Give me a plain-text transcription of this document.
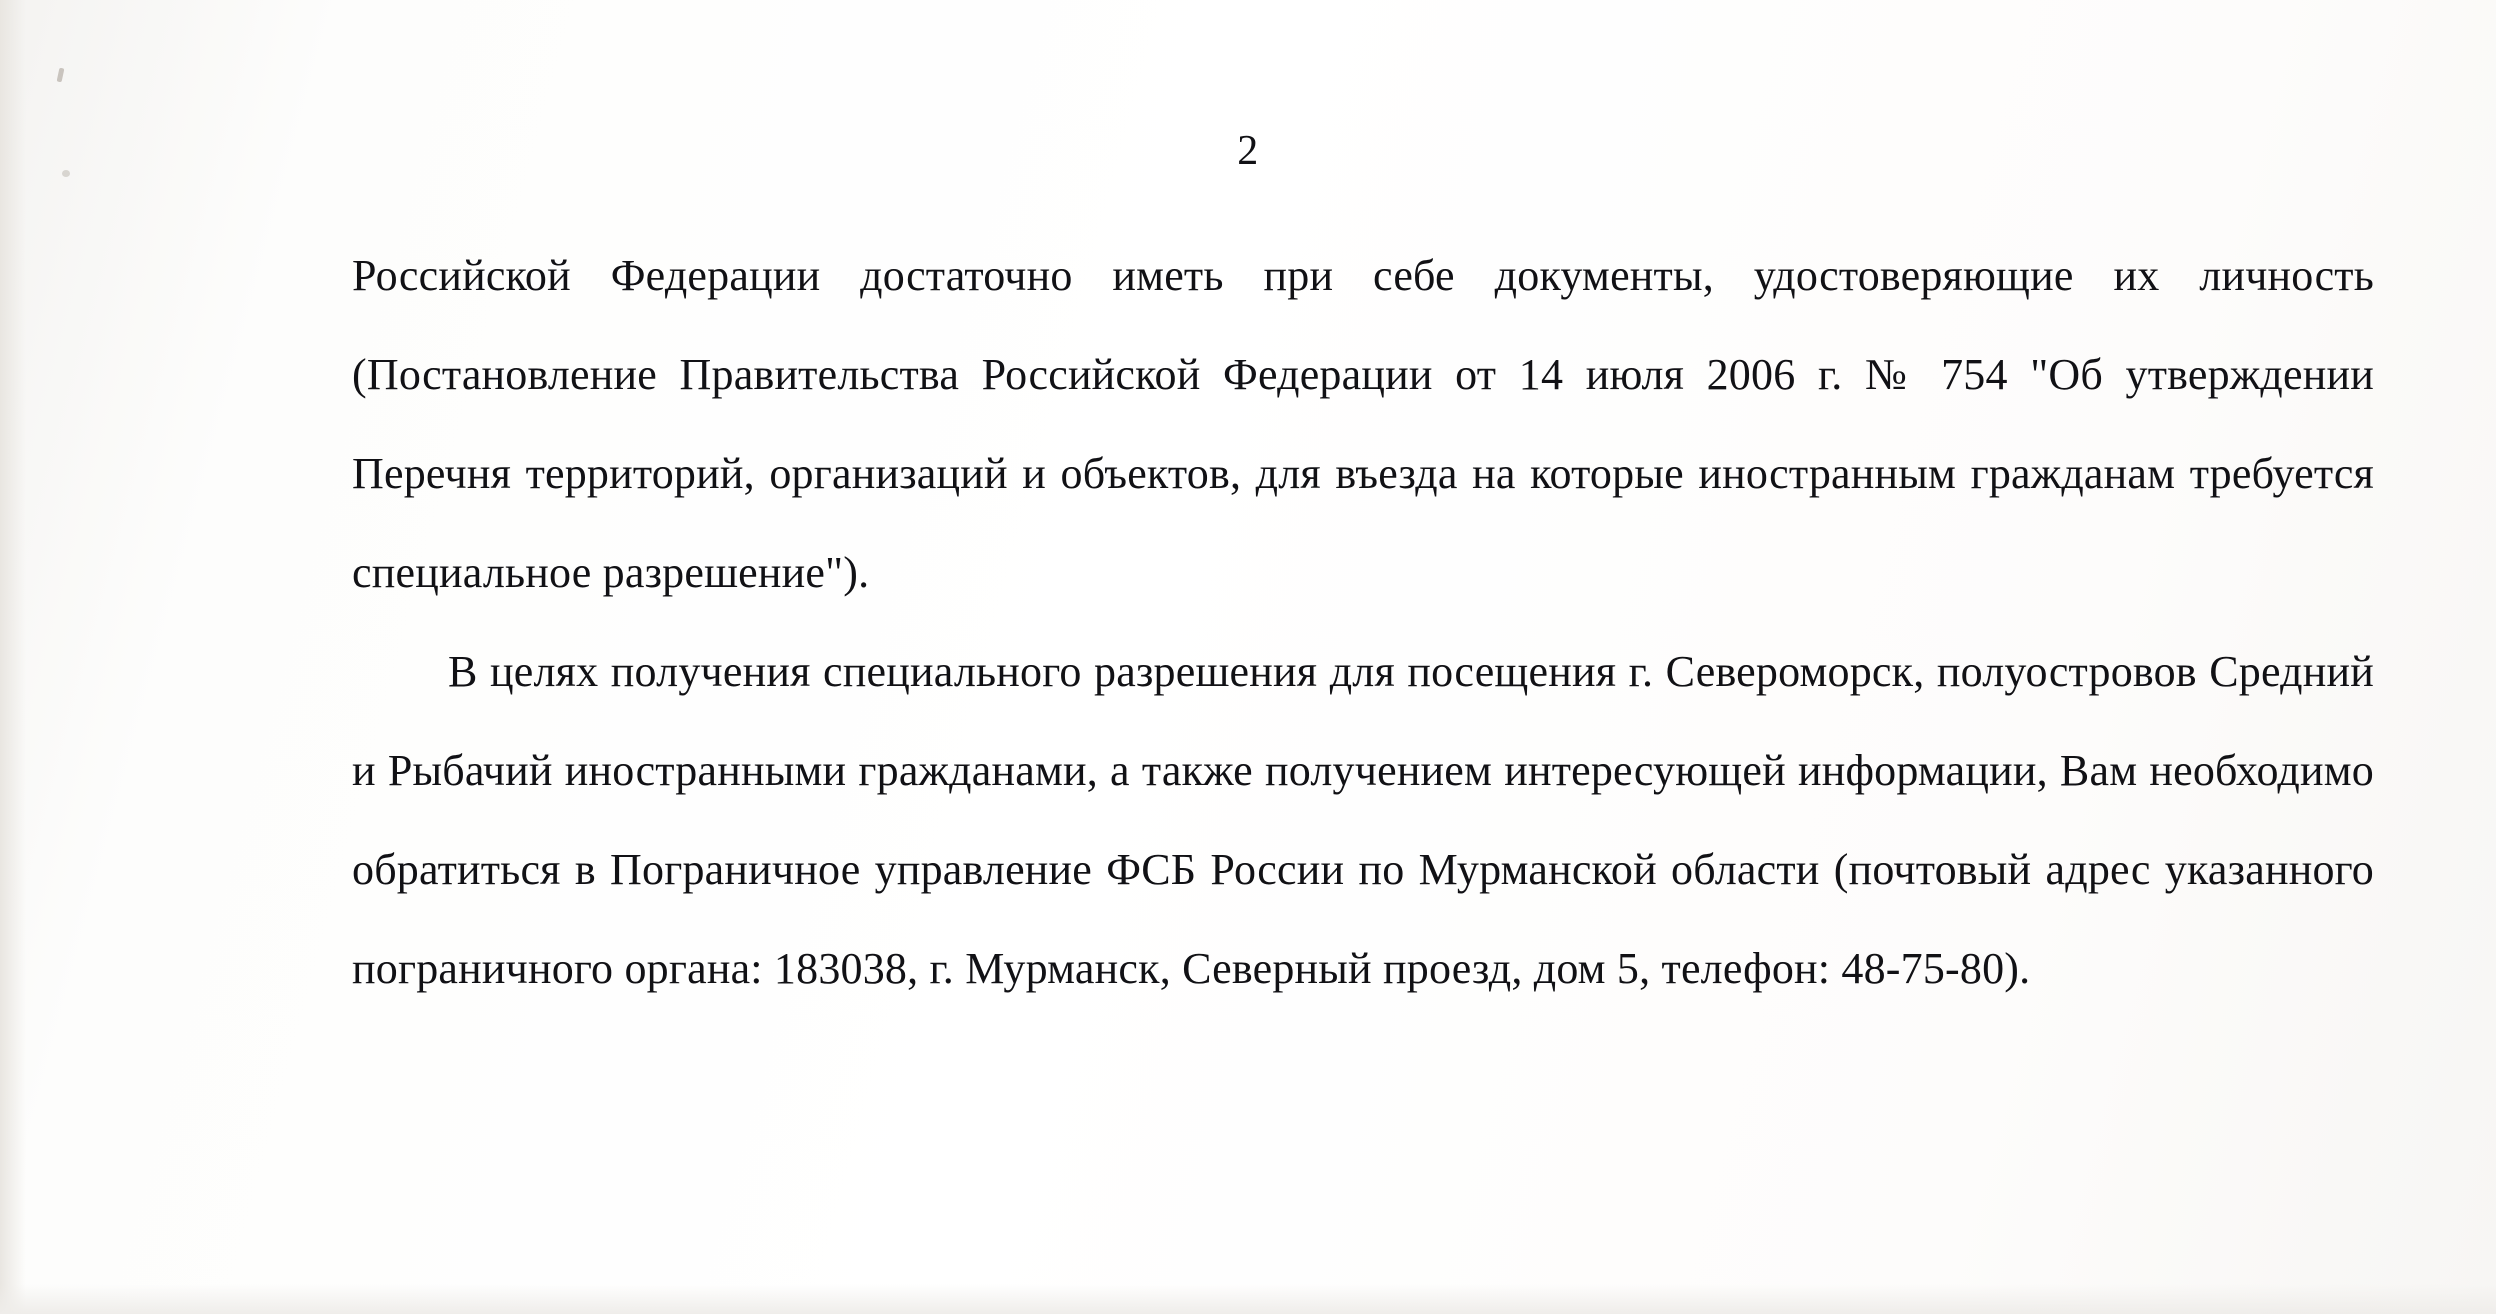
2

Российской Федерации достаточно иметь при себе документы, удостоверяющие их личность (Постановление Правительства Российской Федерации от 14 июля 2006 г. № 754 "Об утверждении Перечня территорий, организаций и объектов, для въезда на которые иностранным гражданам требуется специальное разрешение").

В целях получения специального разрешения для посещения г. Североморск, полуостровов Средний и Рыбачий иностранными гражданами, а также получением интересующей информации, Вам необходимо обратиться в Пограничное управление ФСБ России по Мурманской области (почтовый адрес указанного пограничного органа: 183038, г. Мурманск, Северный проезд, дом 5, телефон: 48-75-80).
